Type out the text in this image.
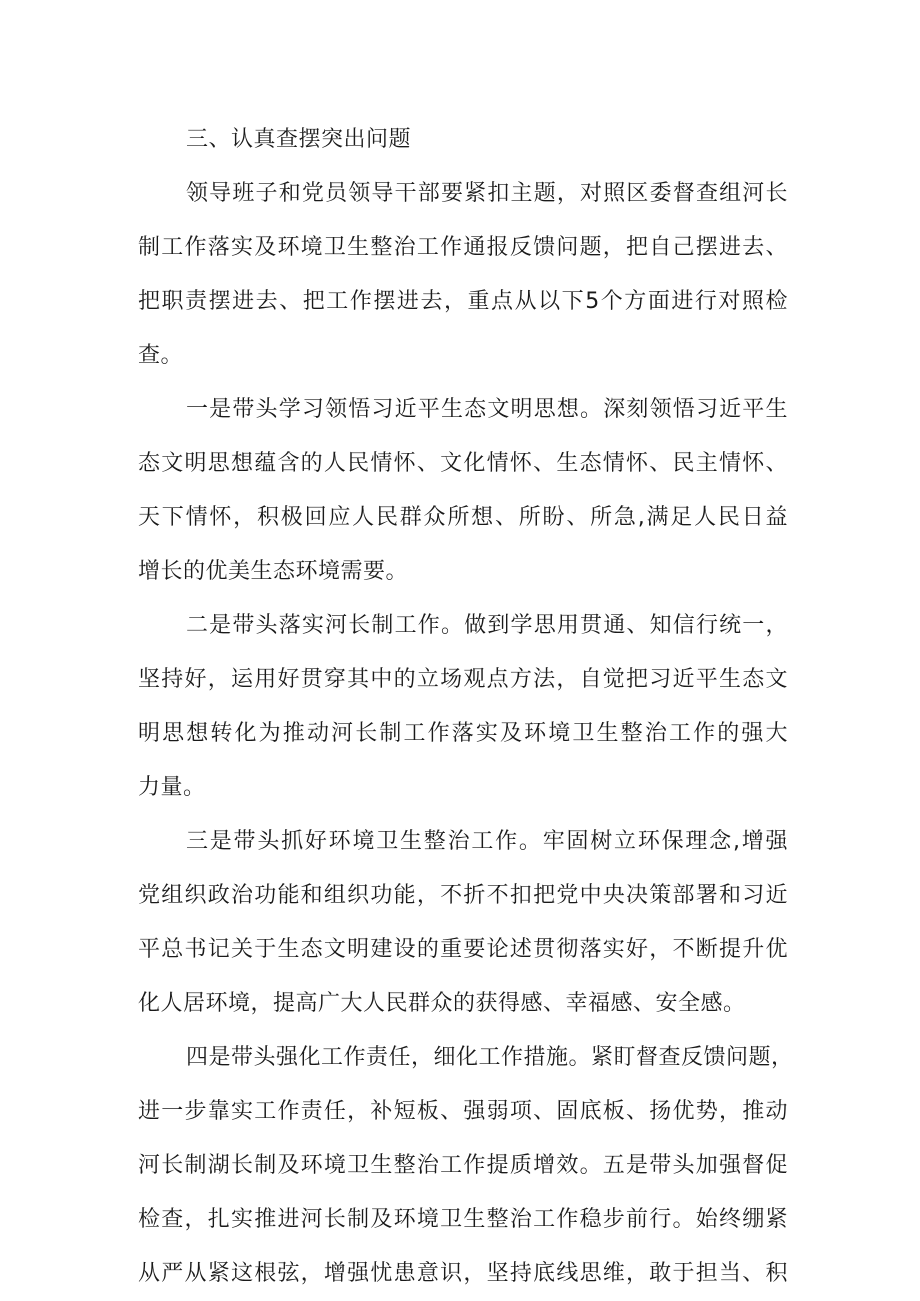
三、认真查摆突出问题
领导班子和党员领导干部要紧扣主题，对照区委督查组河长
制工作落实及环境卫生整治工作通报反馈问题，把自己摆进去、
把职责摆进去、把工作摆进去，重点从以下5个方面进行对照检
查。
一是带头学习领悟习近平生态文明思想。深刻领悟习近平生
态文明思想蕴含的人民情怀、文化情怀、生态情怀、民主情怀、
天下情怀，积极回应人民群众所想、所盼、所急,满足人民日益
增长的优美生态环境需要。
二是带头落实河长制工作。做到学思用贯通、知信行统一，
坚持好，运用好贯穿其中的立场观点方法，自觉把习近平生态文
明思想转化为推动河长制工作落实及环境卫生整治工作的强大
力量。
三是带头抓好环境卫生整治工作。牢固树立环保理念,增强
党组织政治功能和组织功能，不折不扣把党中央决策部署和习近
平总书记关于生态文明建设的重要论述贯彻落实好，不断提升优
化人居环境，提高广大人民群众的获得感、幸福感、安全感。
四是带头强化工作责任，细化工作措施。紧盯督查反馈问题，
进一步靠实工作责任，补短板、强弱项、固底板、扬优势，推动
河长制湖长制及环境卫生整治工作提质增效。五是带头加强督促
检查，扎实推进河长制及环境卫生整治工作稳步前行。始终绷紧
从严从紧这根弦，增强忧患意识，坚持底线思维，敢于担当、积
